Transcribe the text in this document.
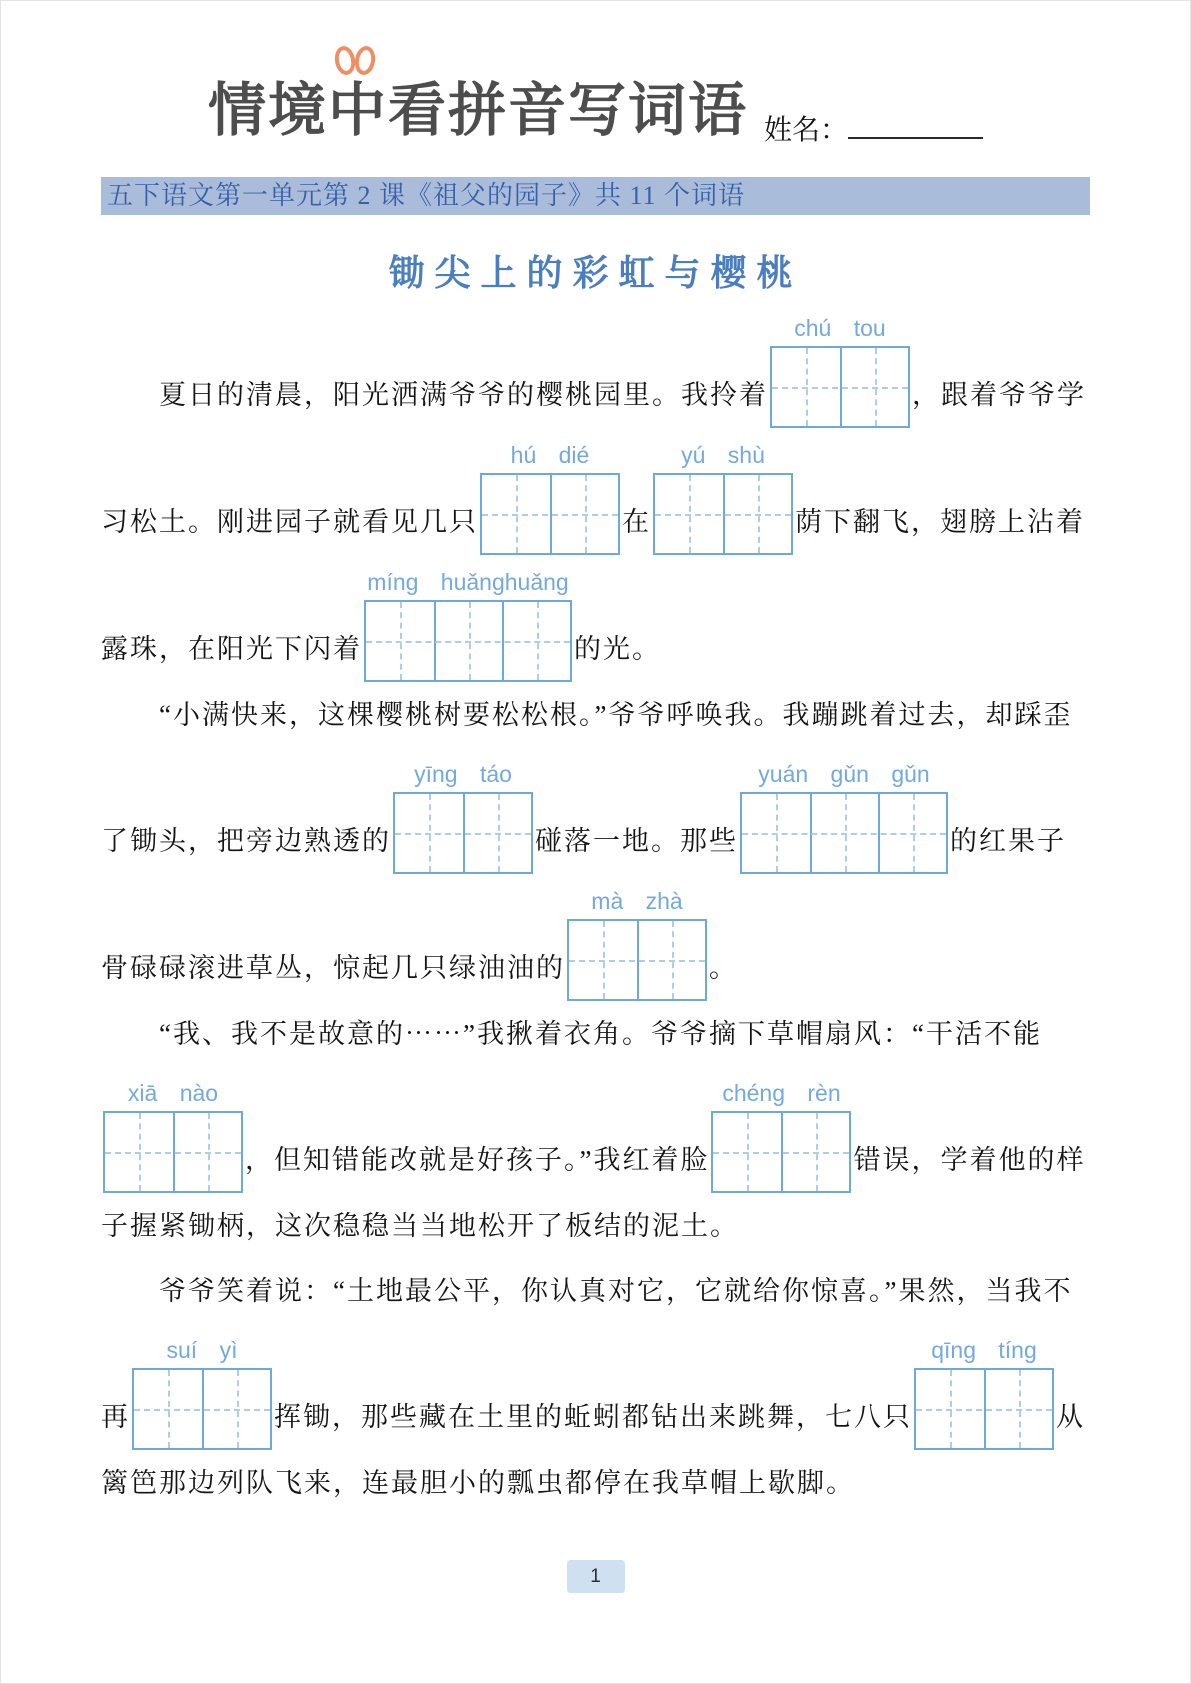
情境中看拼音写词语 姓名：
五下语文第一单元第 2 课《祖父的园子》共 11 个词语
锄尖上的彩虹与樱桃
　　夏日的清晨，阳光洒满爷爷的樱桃园里。我拎着
chú tou
，跟着爷爷学
习松土。刚进园子就看见几只
hú dié
在
yú shù
荫下翻飞，翅膀上沾着
露珠，在阳光下闪着
míng huǎnghuǎng
的光。
　　“小满快来，这棵樱桃树要松松根。”爷爷呼唤我。我蹦跳着过去，却踩歪
了锄头，把旁边熟透的
yīng táo
碰落一地。那些
yuán gǔn gǔn
的红果子
骨碌碌滚进草丛，惊起几只绿油油的
mà zhà
。
　　“我、我不是故意的⋯⋯”我揪着衣角。爷爷摘下草帽扇风：“干活不能
xiā nào
，但知错能改就是好孩子。”我红着脸
chéng rèn
错误，学着他的样
子握紧锄柄，这次稳稳当当地松开了板结的泥土。
　　爷爷笑着说：“土地最公平，你认真对它，它就给你惊喜。”果然，当我不
再
suí yì
挥锄，那些藏在土里的蚯蚓都钻出来跳舞，七八只
qīng tíng
从
篱笆那边列队飞来，连最胆小的瓢虫都停在我草帽上歇脚。
1
